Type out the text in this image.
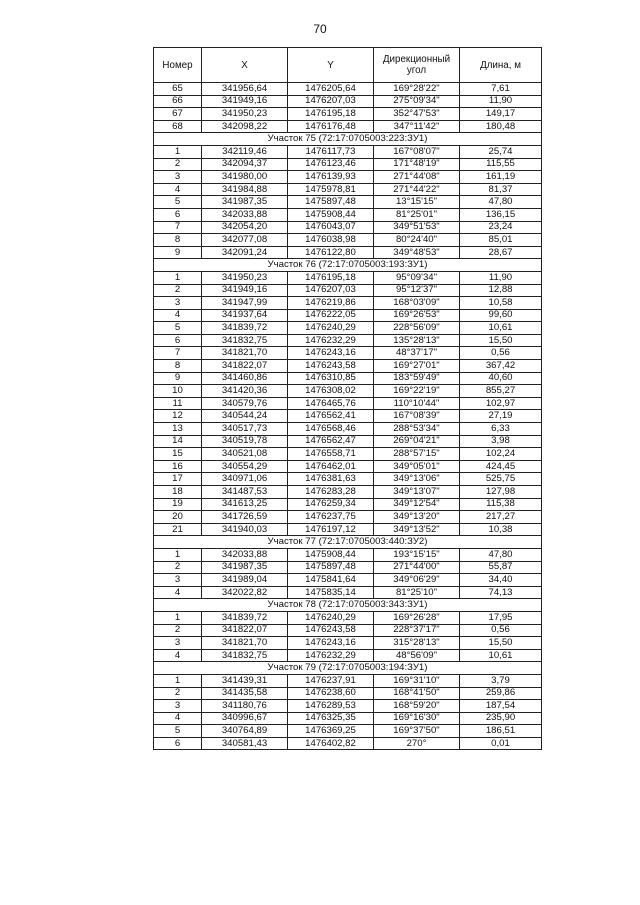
70
Номер	X	Y	Дирекционный угол	Длина, м
65	341956,64	1476205,64	169°28'22"	7,61
66	341949,16	1476207,03	275°09'34"	11,90
67	341950,23	1476195,18	352°47'53"	149,17
68	342098,22	1476176,48	347°11'42"	180,48
Участок 75 (72:17:0705003:223:ЗУ1)				
1	342119,46	1476117,73	167°08'07"	25,74
2	342094,37	1476123,46	171°48'19"	115,55
3	341980,00	1476139,93	271°44'08"	161,19
4	341984,88	1475978,81	271°44'22"	81,37
5	341987,35	1475897,48	13°15'15"	47,80
6	342033,88	1475908,44	81°25'01"	136,15
7	342054,20	1476043,07	349°51'53"	23,24
8	342077,08	1476038,98	80°24'40"	85,01
9	342091,24	1476122,80	349°48'53"	28,67
Участок 76 (72:17:0705003:193:ЗУ1)				
1	341950,23	1476195,18	95°09'34"	11,90
2	341949,16	1476207,03	95°12'37"	12,88
3	341947,99	1476219,86	168°03'09"	10,58
4	341937,64	1476222,05	169°26'53"	99,60
5	341839,72	1476240,29	228°56'09"	10,61
6	341832,75	1476232,29	135°28'13"	15,50
7	341821,70	1476243,16	48°37'17"	0,56
8	341822,07	1476243,58	169°27'01"	367,42
9	341460,86	1476310,85	183°59'49"	40,60
10	341420,36	1476308,02	169°22'19"	855,27
11	340579,76	1476465,76	110°10'44"	102,97
12	340544,24	1476562,41	167°08'39"	27,19
13	340517,73	1476568,46	288°53'34"	6,33
14	340519,78	1476562,47	269°04'21"	3,98
15	340521,08	1476558,71	288°57'15"	102,24
16	340554,29	1476462,01	349°05'01"	424,45
17	340971,06	1476381,63	349°13'06"	525,75
18	341487,53	1476283,28	349°13'07"	127,98
19	341613,25	1476259,34	349°12'54"	115,38
20	341726,59	1476237,75	349°13'20"	217,27
21	341940,03	1476197,12	349°13'52"	10,38
Участок 77 (72:17:0705003:440:ЗУ2)				
1	342033,88	1475908,44	193°15'15"	47,80
2	341987,35	1475897,48	271°44'00"	55,87
3	341989,04	1475841,64	349°06'29"	34,40
4	342022,82	1475835,14	81°25'10"	74,13
Участок 78 (72:17:0705003:343:ЗУ1)				
1	341839,72	1476240,29	169°26'28"	17,95
2	341822,07	1476243,58	228°37'17"	0,56
3	341821,70	1476243,16	315°28'13"	15,50
4	341832,75	1476232,29	48°56'09"	10,61
Участок 79 (72:17:0705003:194:ЗУ1)				
1	341439,31	1476237,91	169°31'10"	3,79
2	341435,58	1476238,60	168°41'50"	259,86
3	341180,76	1476289,53	168°59'20"	187,54
4	340996,67	1476325,35	169°16'30"	235,90
5	340764,89	1476369,25	169°37'50"	186,51
6	340581,43	1476402,82	270°	0,01
